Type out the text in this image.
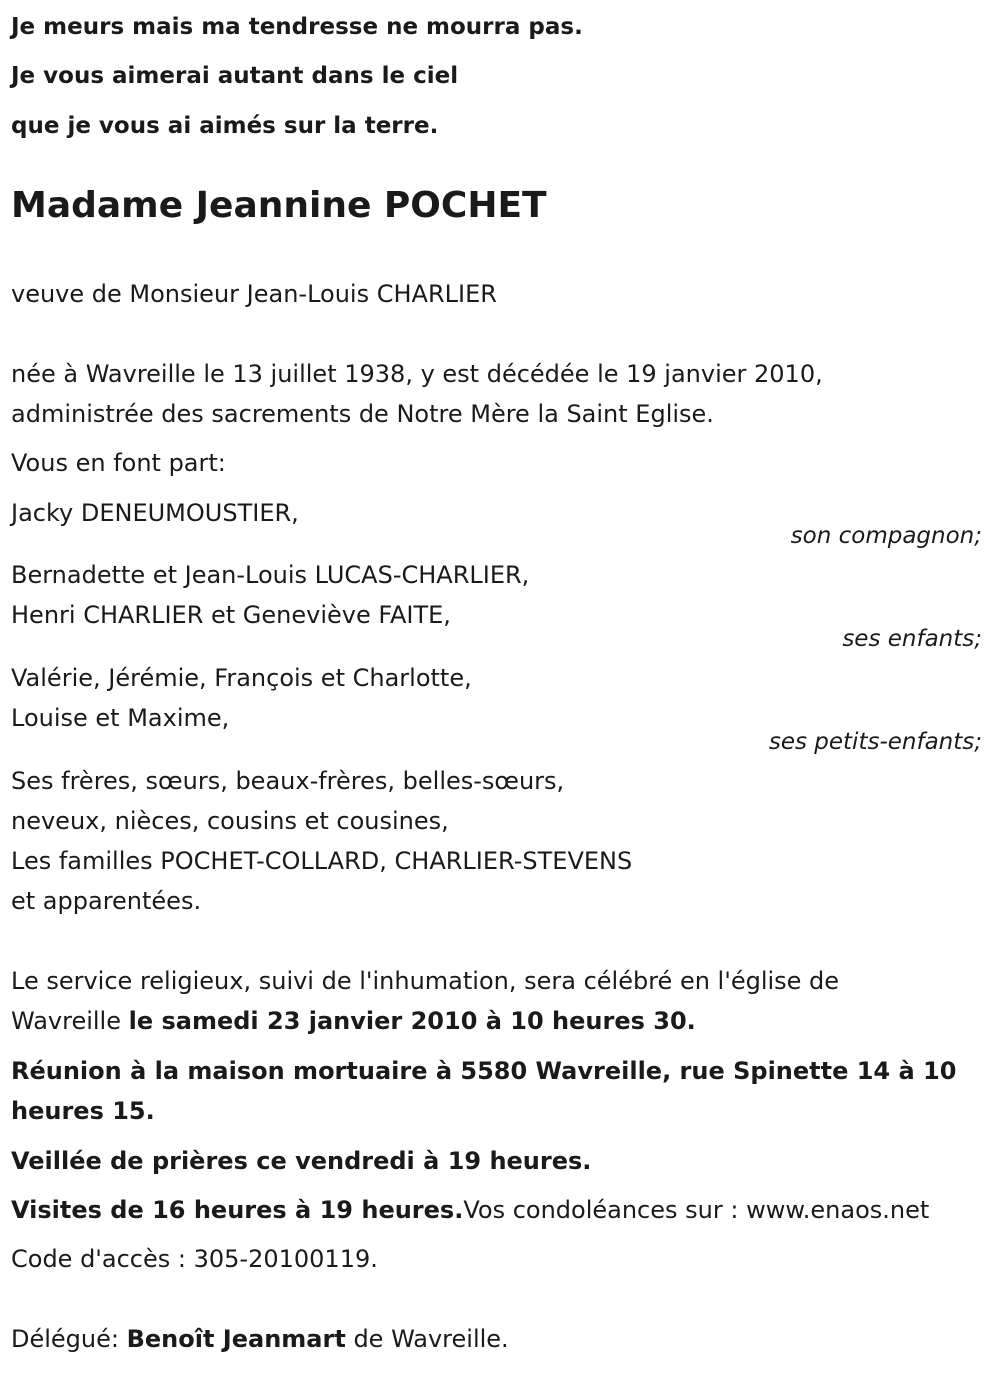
Je meurs mais ma tendresse ne mourra pas.
Je vous aimerai autant dans le ciel
que je vous ai aimés sur la terre.
Madame Jeannine POCHET
veuve de Monsieur Jean-Louis CHARLIER
née à Wavreille le 13 juillet 1938, y est décédée le 19 janvier 2010,
administrée des sacrements de Notre Mère la Saint Eglise.
Vous en font part:
Jacky DENEUMOUSTIER,
son compagnon;
Bernadette et Jean-Louis LUCAS-CHARLIER,
Henri CHARLIER et Geneviève FAITE,
ses enfants;
Valérie, Jérémie, François et Charlotte,
Louise et Maxime,
ses petits-enfants;
Ses frères, sœurs, beaux-frères, belles-sœurs,
neveux, nièces, cousins et cousines,
Les familles POCHET-COLLARD, CHARLIER-STEVENS
et apparentées.
Le service religieux, suivi de l'inhumation, sera célébré en l'église de
Wavreille le samedi 23 janvier 2010 à 10 heures 30.
Réunion à la maison mortuaire à 5580 Wavreille, rue Spinette 14 à 10
heures 15.
Veillée de prières ce vendredi à 19 heures.
Visites de 16 heures à 19 heures.Vos condoléances sur : www.enaos.net
Code d'accès : 305-20100119.
Délégué: Benoît Jeanmart de Wavreille.
